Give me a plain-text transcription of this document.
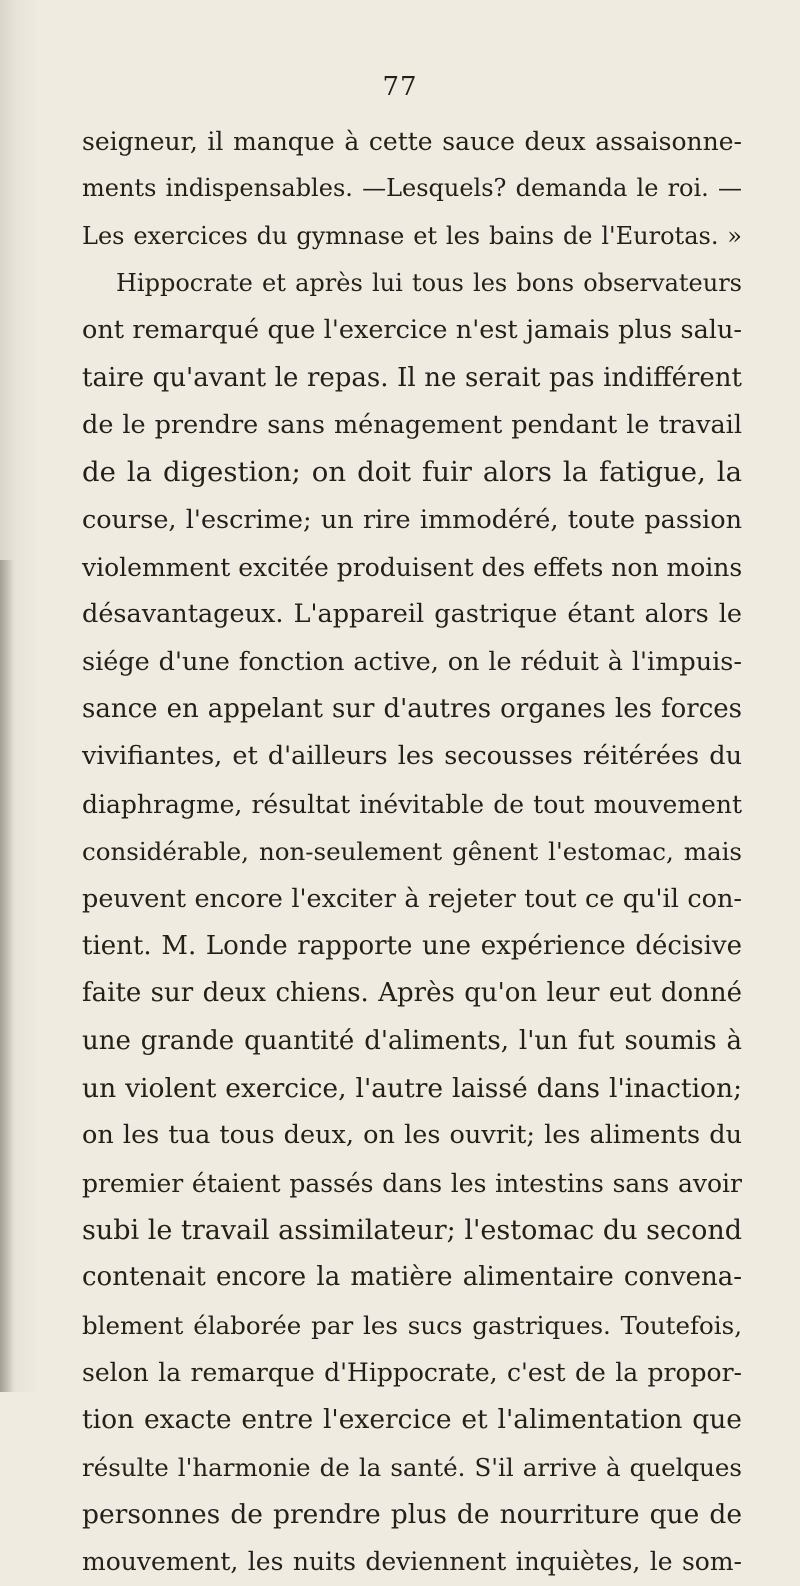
77
seigneur, il manque à cette sauce deux assaisonne-
ments indispensables. —Lesquels? demanda le roi. —
Les exercices du gymnase et les bains de l'Eurotas. »
Hippocrate et après lui tous les bons observateurs
ont remarqué que l'exercice n'est jamais plus salu-
taire qu'avant le repas. Il ne serait pas indifférent
de le prendre sans ménagement pendant le travail
de la digestion; on doit fuir alors la fatigue, la
course, l'escrime; un rire immodéré, toute passion
violemment excitée produisent des effets non moins
désavantageux. L'appareil gastrique étant alors le
siége d'une fonction active, on le réduit à l'impuis-
sance en appelant sur d'autres organes les forces
vivifiantes, et d'ailleurs les secousses réitérées du
diaphragme, résultat inévitable de tout mouvement
considérable, non-seulement gênent l'estomac, mais
peuvent encore l'exciter à rejeter tout ce qu'il con-
tient. M. Londe rapporte une expérience décisive
faite sur deux chiens. Après qu'on leur eut donné
une grande quantité d'aliments, l'un fut soumis à
un violent exercice, l'autre laissé dans l'inaction;
on les tua tous deux, on les ouvrit; les aliments du
premier étaient passés dans les intestins sans avoir
subi le travail assimilateur; l'estomac du second
contenait encore la matière alimentaire convena-
blement élaborée par les sucs gastriques. Toutefois,
selon la remarque d'Hippocrate, c'est de la propor-
tion exacte entre l'exercice et l'alimentation que
résulte l'harmonie de la santé. S'il arrive à quelques
personnes de prendre plus de nourriture que de
mouvement, les nuits deviennent inquiètes, le som-
